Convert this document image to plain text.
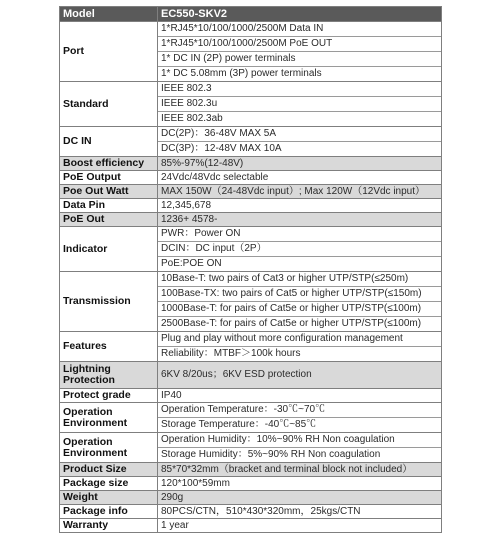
Model	EC550-SKV2
Port	1*RJ45*10/100/1000/2500M Data IN
1*RJ45*10/100/1000/2500M PoE OUT
1* DC IN (2P) power terminals
1* DC 5.08mm (3P) power terminals

Standard	IEEE 802.3
IEEE 802.3u
IEEE 802.3ab

DC IN	DC(2P)：36-48V MAX 5A
DC(3P)：12-48V MAX 10A

Boost efficiency	85%-97%(12-48V)
PoE Output	24Vdc/48Vdc selectable
Poe Out Watt	MAX 150W（24-48Vdc input）; Max 120W（12Vdc input）
Data Pin	12,345,678
PoE Out	1236+ 4578-
Indicator	PWR：Power ON
DCIN：DC input（2P）
PoE:POE ON

Transmission	10Base-T: two pairs of Cat3 or higher UTP/STP(≤250m)
100Base-TX: two pairs of Cat5 or higher UTP/STP(≤150m)
1000Base-T: for pairs of Cat5e or higher UTP/STP(≤100m)
2500Base-T: for pairs of Cat5e or higher UTP/STP(≤100m)

Features	Plug and play without more configuration management
Reliability：MTBF＞100k hours

Lightning Protection	6KV 8/20us；6KV ESD protection
Protect grade	IP40
Operation Environment	Operation Temperature：-30℃~70℃
Storage Temperature：-40℃~85℃

Operation Environment	Operation Humidity：10%~90% RH Non coagulation
Storage Humidity：5%~90% RH Non coagulation

Product Size	85*70*32mm（bracket and terminal block not included）
Package size	120*100*59mm
Weight	290g
Package info	80PCS/CTN，510*430*320mm，25kgs/CTN
Warranty	1 year
